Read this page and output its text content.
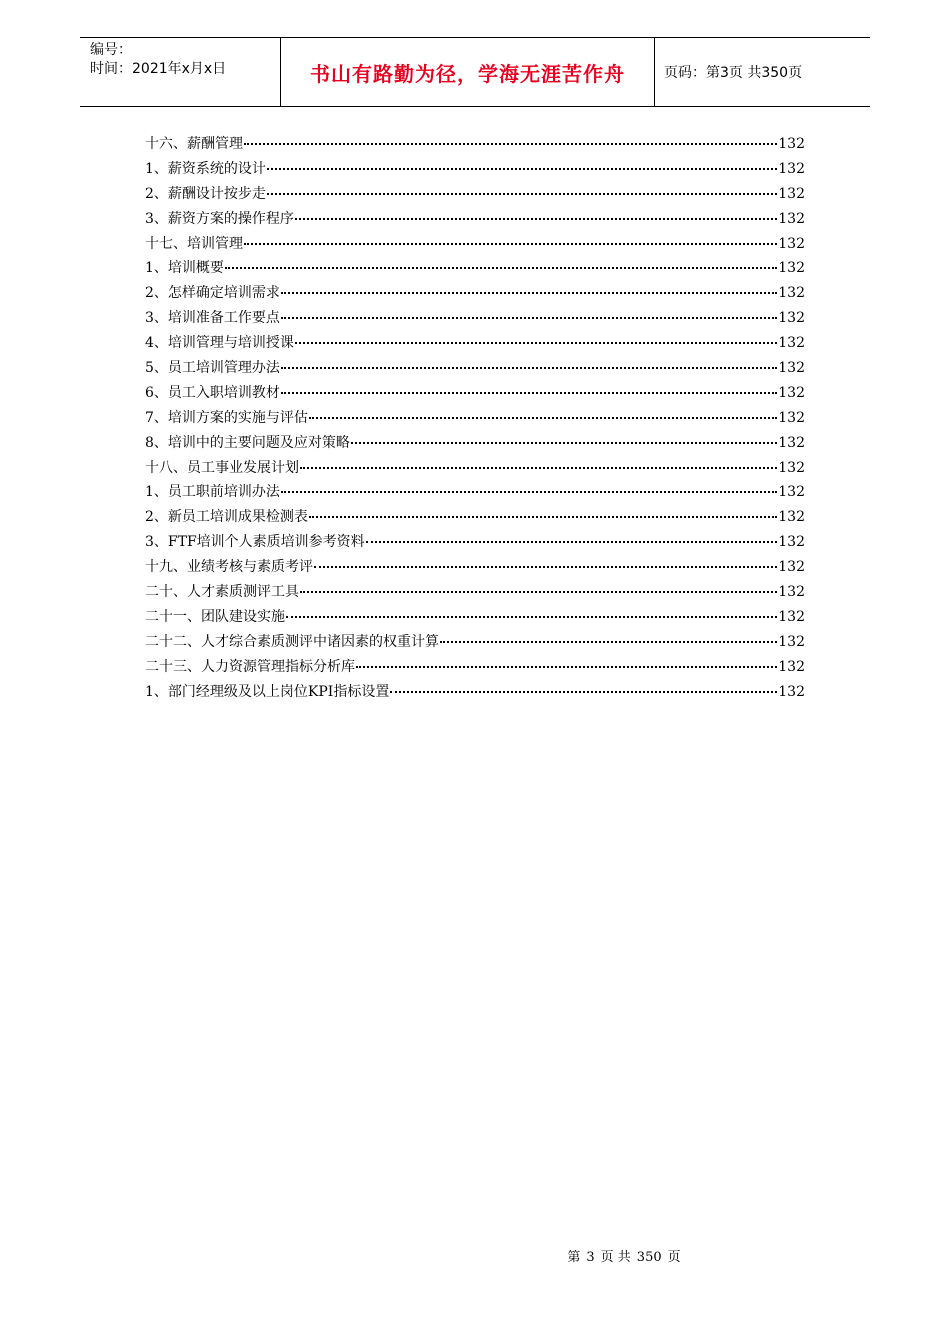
编号：
时间：2021年x月x日	书山有路勤为径，学海无涯苦作舟	页码：第3页 共350页
十六、薪酬管理	132
1、薪资系统的设计	132
2、薪酬设计按步走	132
3、薪资方案的操作程序	132
十七、培训管理	132
1、培训概要	132
2、怎样确定培训需求	132
3、培训准备工作要点	132
4、培训管理与培训授课	132
5、员工培训管理办法	132
6、员工入职培训教材	132
7、培训方案的实施与评估	132
8、培训中的主要问题及应对策略	132
十八、员工事业发展计划	132
1、员工职前培训办法	132
2、新员工培训成果检测表	132
3、FTF培训个人素质培训参考资料	132
十九、业绩考核与素质考评	132
二十、人才素质测评工具	132
二十一、团队建设实施	132
二十二、人才综合素质测评中诸因素的权重计算	132
二十三、人力资源管理指标分析库	132
1、部门经理级及以上岗位KPI指标设置	132
第 3 页 共 350 页
